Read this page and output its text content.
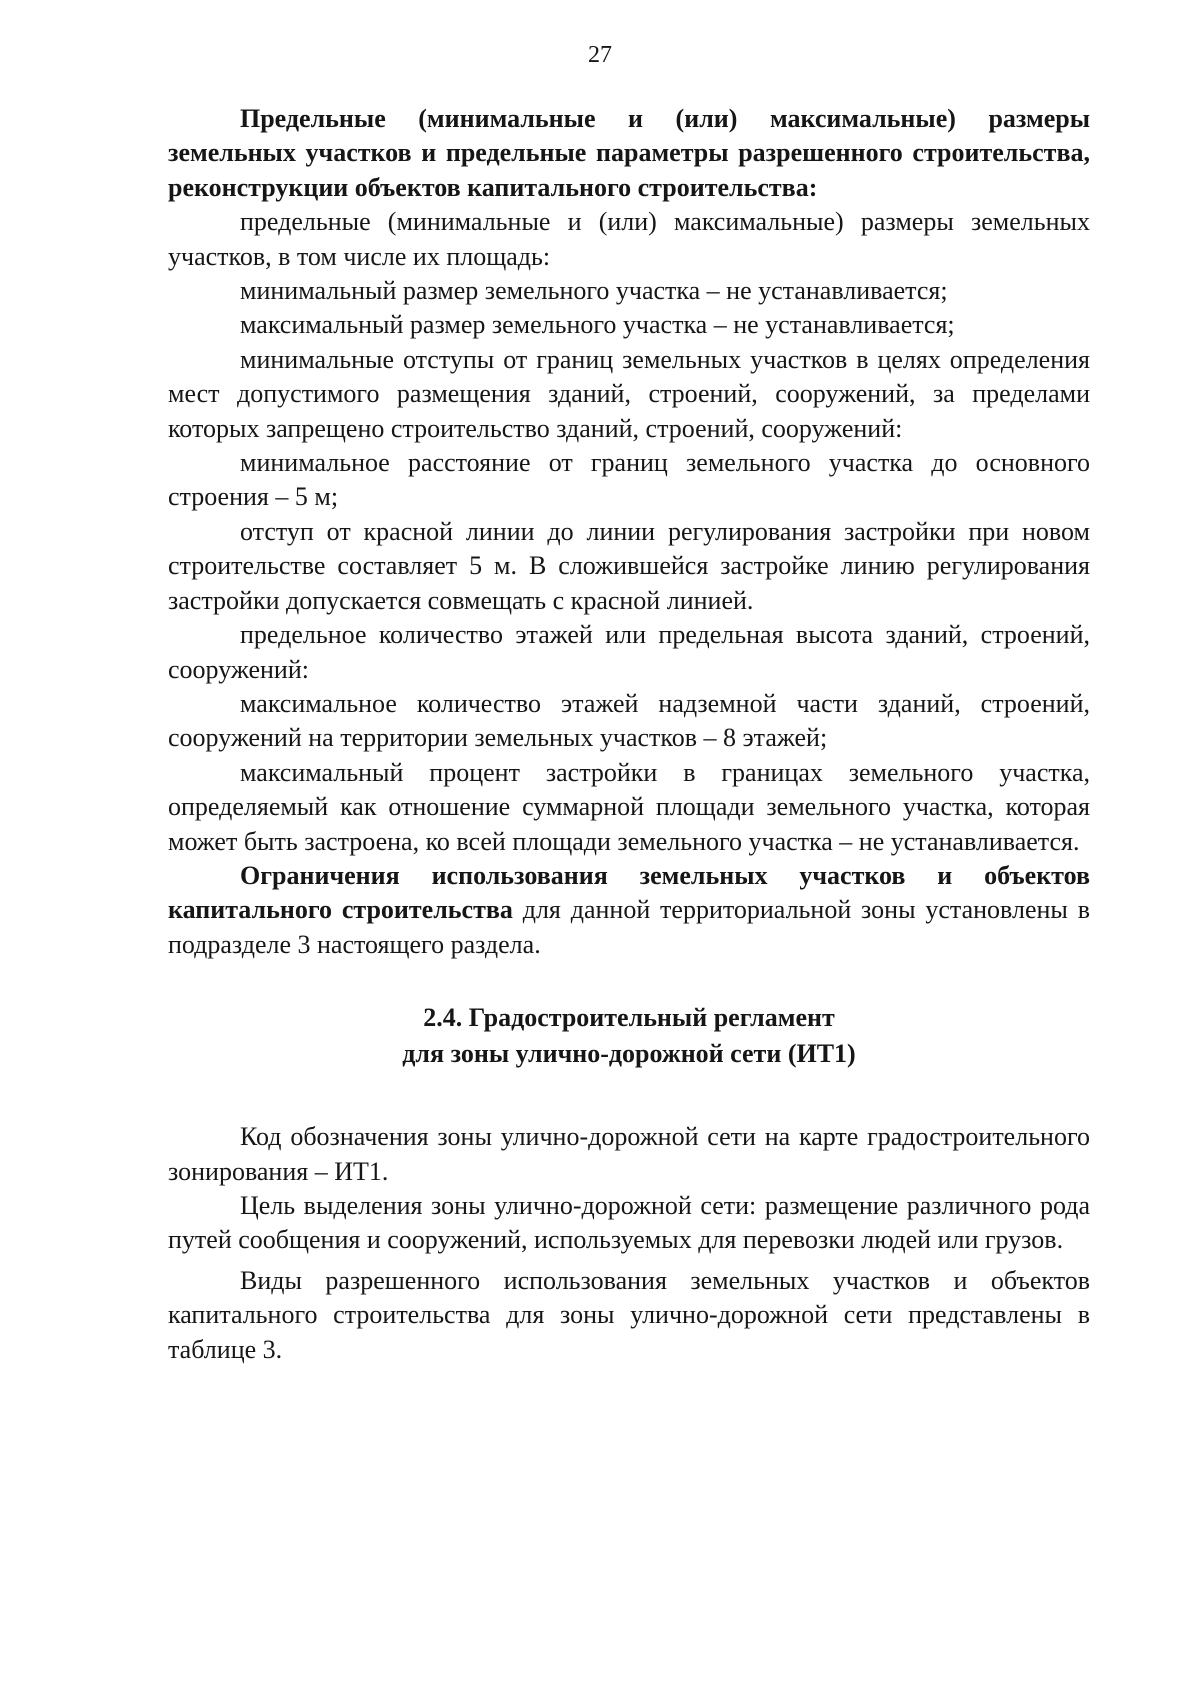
27

Предельные (минимальные и (или) максимальные) размеры земельных участков и предельные параметры разрешенного строительства, реконструкции объектов капитального строительства:

предельные (минимальные и (или) максимальные) размеры земельных участков, в том числе их площадь:

минимальный размер земельного участка – не устанавливается;

максимальный размер земельного участка – не устанавливается;

минимальные отступы от границ земельных участков в целях определения мест допустимого размещения зданий, строений, сооружений, за пределами которых запрещено строительство зданий, строений, сооружений:

минимальное расстояние от границ земельного участка до основного строения – 5 м;

отступ от красной линии до линии регулирования застройки при новом строительстве составляет 5 м. В сложившейся застройке линию регулирования застройки допускается совмещать с красной линией.

предельное количество этажей или предельная высота зданий, строений, сооружений:

максимальное количество этажей надземной части зданий, строений, сооружений на территории земельных участков – 8 этажей;

максимальный процент застройки в границах земельного участка, определяемый как отношение суммарной площади земельного участка, которая может быть застроена, ко всей площади земельного участка – не устанавливается.

Ограничения использования земельных участков и объектов капитального строительства для данной территориальной зоны установлены в подразделе 3 настоящего раздела.

2.4. Градостроительный регламент
для зоны улично-дорожной сети (ИТ1)

Код обозначения зоны улично-дорожной сети на карте градостроительного зонирования – ИТ1.

Цель выделения зоны улично-дорожной сети: размещение различного рода путей сообщения и сооружений, используемых для перевозки людей или грузов.

Виды разрешенного использования земельных участков и объектов капитального строительства для зоны улично-дорожной сети представлены в таблице 3.
